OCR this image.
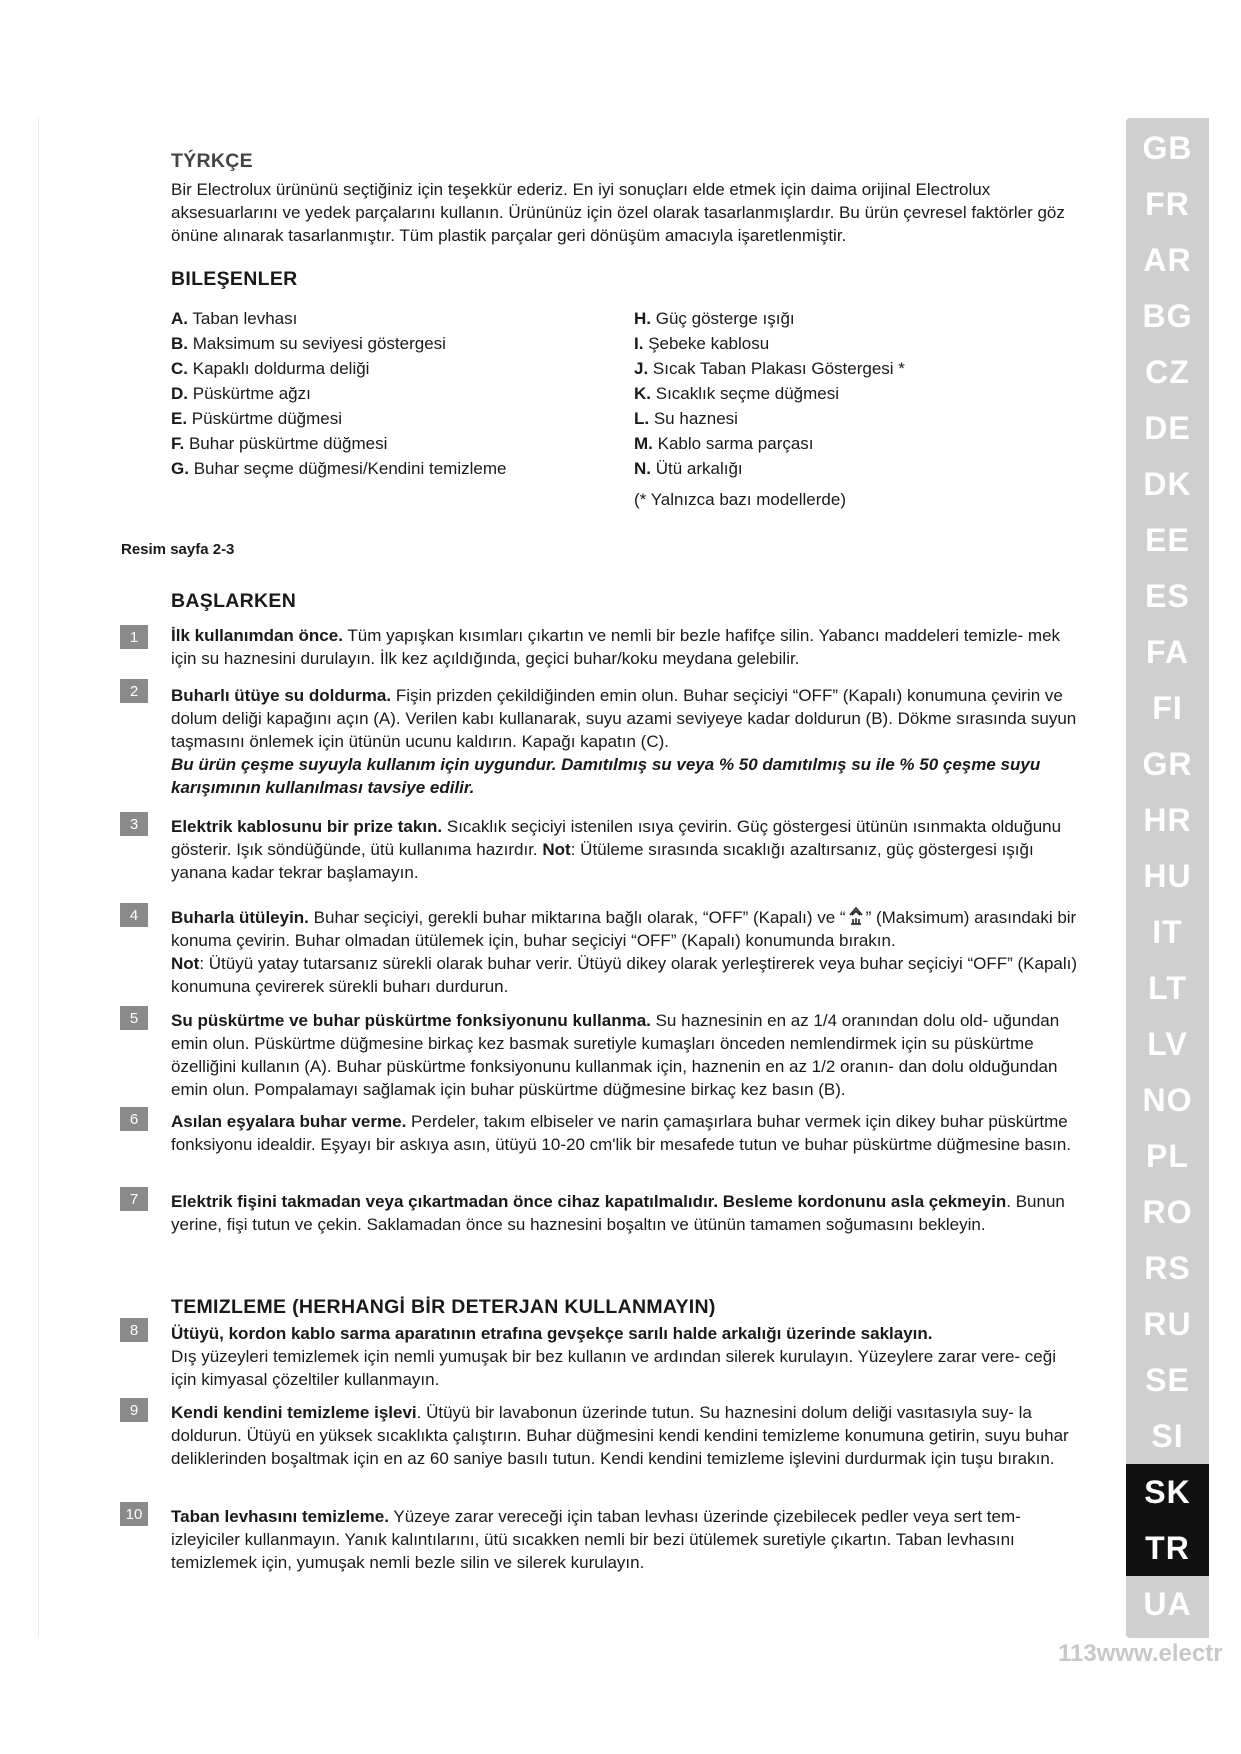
GB
FR
AR
BG
CZ
DE
DK
EE
ES
FA
FI
GR
HR
HU
IT
LT
LV
NO
PL
RO
RS
RU
SE
SI
SK
TR
UA
113www.electr
Resim sayfa 2-3
1
2
3
4
5
6
7
8
9
10
TÝRKÇE
Bir Electrolux ürününü seçtiğiniz için teşekkür ederiz. En iyi sonuçları elde etmek için daima orijinal Electrolux aksesuarlarını ve yedek parçalarını kullanın. Ürününüz için özel olarak tasarlanmışlardır. Bu ürün çevresel faktörler göz önüne alınarak tasarlanmıştır. Tüm plastik parçalar geri dönüşüm amacıyla işaretlenmiştir.
BILEŞENLER
A. Taban levhası
B. Maksimum su seviyesi göstergesi
C. Kapaklı doldurma deliği
D. Püskürtme ağzı
E. Püskürtme düğmesi
F. Buhar püskürtme düğmesi
G. Buhar seçme düğmesi/Kendini temizleme
H. Güç gösterge ışığı
I. Şebeke kablosu
J. Sıcak Taban Plakası Göstergesi *
K. Sıcaklık seçme düğmesi
L. Su haznesi
M. Kablo sarma parçası
N. Ütü arkalığı
(* Yalnızca bazı modellerde)
BAŞLARKEN
İlk kullanımdan önce. Tüm yapışkan kısımları çıkartın ve nemli bir bezle hafifçe silin. Yabancı maddeleri temizle- mek için su haznesini durulayın. İlk kez açıldığında, geçici buhar/koku meydana gelebilir.
Buharlı ütüye su doldurma. Fişin prizden çekildiğinden emin olun. Buhar seçiciyi “OFF” (Kapalı) konumuna çevirin ve dolum deliği kapağını açın (A). Verilen kabı kullanarak, suyu azami seviyeye kadar doldurun (B). Dökme sırasında suyun taşmasını önlemek için ütünün ucunu kaldırın. Kapağı kapatın (C).
Bu ürün çeşme suyuyla kullanım için uygundur. Damıtılmış su veya % 50 damıtılmış su ile % 50 çeşme suyu karışımının kullanılması tavsiye edilir.
Elektrik kablosunu bir prize takın. Sıcaklık seçiciyi istenilen ısıya çevirin. Güç göstergesi ütünün ısınmakta olduğunu gösterir. Işık söndüğünde, ütü kullanıma hazırdır. Not: Ütüleme sırasında sıcaklığı azaltırsanız, güç göstergesi ışığı yanana kadar tekrar başlamayın.
Buharla ütüleyin. Buhar seçiciyi, gerekli buhar miktarına bağlı olarak, “OFF” (Kapalı) ve “ ” (Maksimum) arasındaki bir konuma çevirin. Buhar olmadan ütülemek için, buhar seçiciyi “OFF” (Kapalı) konumunda bırakın.
Not: Ütüyü yatay tutarsanız sürekli olarak buhar verir. Ütüyü dikey olarak yerleştirerek veya buhar seçiciyi “OFF” (Kapalı) konumuna çevirerek sürekli buharı durdurun.
Su püskürtme ve buhar püskürtme fonksiyonunu kullanma. Su haznesinin en az 1/4 oranından dolu old- uğundan emin olun. Püskürtme düğmesine birkaç kez basmak suretiyle kumaşları önceden nemlendirmek için su püskürtme özelliğini kullanın (A). Buhar püskürtme fonksiyonunu kullanmak için, haznenin en az 1/2 oranın- dan dolu olduğundan emin olun. Pompalamayı sağlamak için buhar püskürtme düğmesine birkaç kez basın (B).
Asılan eşyalara buhar verme. Perdeler, takım elbiseler ve narin çamaşırlara buhar vermek için dikey buhar püskürtme fonksiyonu idealdir. Eşyayı bir askıya asın, ütüyü 10-20 cm'lik bir mesafede tutun ve buhar püskürtme düğmesine basın.
Elektrik fişini takmadan veya çıkartmadan önce cihaz kapatılmalıdır. Besleme kordonunu asla çekmeyin. Bunun yerine, fişi tutun ve çekin. Saklamadan önce su haznesini boşaltın ve ütünün tamamen soğumasını bekleyin.
TEMIZLEME (HERHANGİ BİR DETERJAN KULLANMAYIN)
Ütüyü, kordon kablo sarma aparatının etrafına gevşekçe sarılı halde arkalığı üzerinde saklayın.
Dış yüzeyleri temizlemek için nemli yumuşak bir bez kullanın ve ardından silerek kurulayın. Yüzeylere zarar vere- ceği için kimyasal çözeltiler kullanmayın.
Kendi kendini temizleme işlevi. Ütüyü bir lavabonun üzerinde tutun. Su haznesini dolum deliği vasıtasıyla suy- la doldurun. Ütüyü en yüksek sıcaklıkta çalıştırın. Buhar düğmesini kendi kendini temizleme konumuna getirin, suyu buhar deliklerinden boşaltmak için en az 60 saniye basılı tutun. Kendi kendini temizleme işlevini durdurmak için tuşu bırakın.
Taban levhasını temizleme. Yüzeye zarar vereceği için taban levhası üzerinde çizebilecek pedler veya sert tem- izleyiciler kullanmayın. Yanık kalıntılarını, ütü sıcakken nemli bir bezi ütülemek suretiyle çıkartın. Taban levhasını temizlemek için, yumuşak nemli bezle silin ve silerek kurulayın.
